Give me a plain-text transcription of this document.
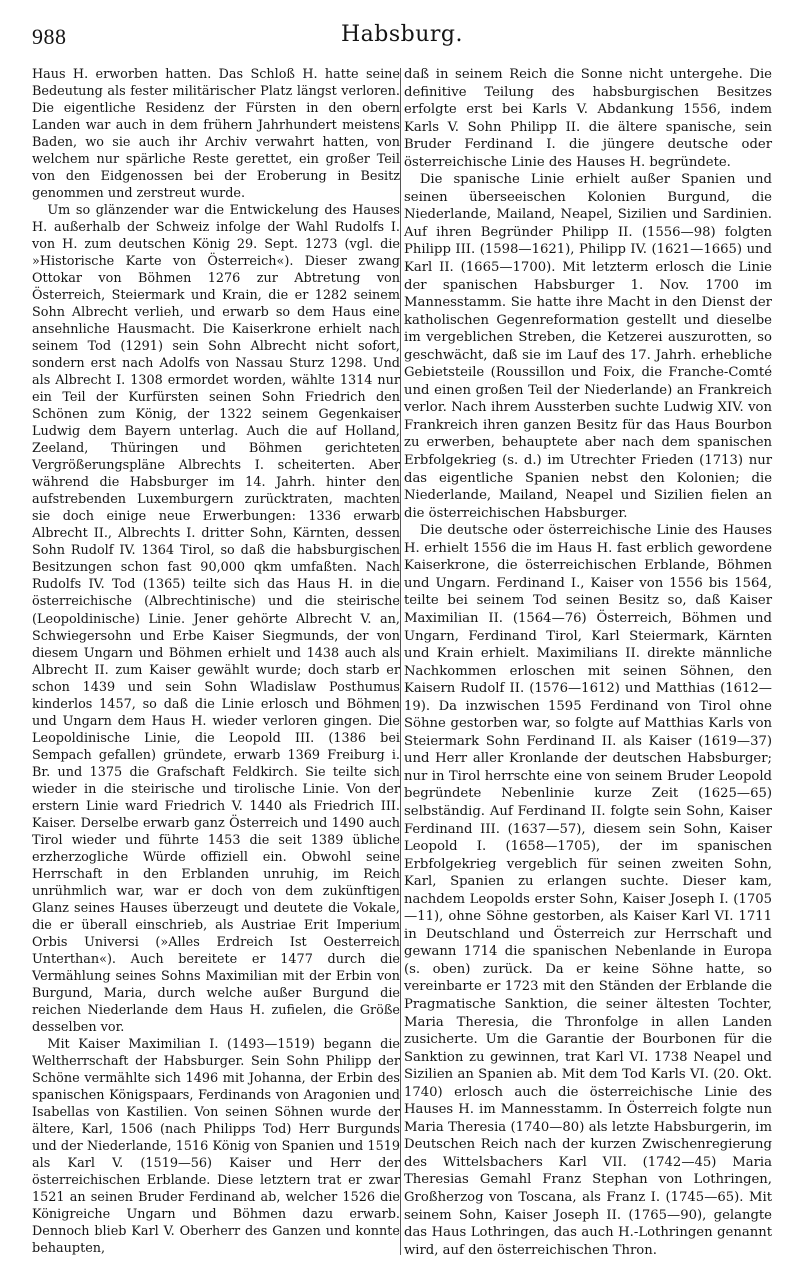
988	Habsburg.

Haus H. erworben hatten. Das Schloß H. hatte seine Bedeutung als fester militärischer Platz längst verloren. Die eigentliche Residenz der Fürsten in den obern Landen war auch in dem frühern Jahrhundert meistens Baden, wo sie auch ihr Archiv verwahrt hatten, von welchem nur spärliche Reste gerettet, ein großer Teil von den Eidgenossen bei der Eroberung in Besitz genommen und zerstreut wurde.

Um so glänzender war die Entwickelung des Hauses H. außerhalb der Schweiz infolge der Wahl Rudolfs I. von H. zum deutschen König 29. Sept. 1273 (vgl. die »Historische Karte von Österreich«). Dieser zwang Ottokar von Böhmen 1276 zur Abtretung von Österreich, Steiermark und Krain, die er 1282 seinem Sohn Albrecht verlieh, und erwarb so dem Haus eine ansehnliche Hausmacht. Die Kaiserkrone erhielt nach seinem Tod (1291) sein Sohn Albrecht nicht sofort, sondern erst nach Adolfs von Nassau Sturz 1298. Und als Albrecht I. 1308 ermordet worden, wählte 1314 nur ein Teil der Kurfürsten seinen Sohn Friedrich den Schönen zum König, der 1322 seinem Gegenkaiser Ludwig dem Bayern unterlag. Auch die auf Holland, Zeeland, Thüringen und Böhmen gerichteten Vergrößerungspläne Albrechts I. scheiterten. Aber während die Habsburger im 14. Jahrh. hinter den aufstrebenden Luxemburgern zurücktraten, machten sie doch einige neue Erwerbungen: 1336 erwarb Albrecht II., Albrechts I. dritter Sohn, Kärnten, dessen Sohn Rudolf IV. 1364 Tirol, so daß die habsburgischen Besitzungen schon fast 90,000 qkm umfaßten. Nach Rudolfs IV. Tod (1365) teilte sich das Haus H. in die österreichische (Albrechtinische) und die steirische (Leopoldinische) Linie. Jener gehörte Albrecht V. an, Schwiegersohn und Erbe Kaiser Siegmunds, der von diesem Ungarn und Böhmen erhielt und 1438 auch als Albrecht II. zum Kaiser gewählt wurde; doch starb er schon 1439 und sein Sohn Wladislaw Posthumus kinderlos 1457, so daß die Linie erlosch und Böhmen und Ungarn dem Haus H. wieder verloren gingen. Die Leopoldinische Linie, die Leopold III. (1386 bei Sempach gefallen) gründete, erwarb 1369 Freiburg i. Br. und 1375 die Grafschaft Feldkirch. Sie teilte sich wieder in die steirische und tirolische Linie. Von der erstern Linie ward Friedrich V. 1440 als Friedrich III. Kaiser. Derselbe erwarb ganz Österreich und 1490 auch Tirol wieder und führte 1453 die seit 1389 übliche erzherzogliche Würde offiziell ein. Obwohl seine Herrschaft in den Erblanden unruhig, im Reich unrühmlich war, war er doch von dem zukünftigen Glanz seines Hauses überzeugt und deutete die Vokale, die er überall einschrieb, als Austriae Erit Imperium Orbis Universi (»Alles Erdreich Ist Oesterreich Unterthan«). Auch bereitete er 1477 durch die Vermählung seines Sohns Maximilian mit der Erbin von Burgund, Maria, durch welche außer Burgund die reichen Niederlande dem Haus H. zufielen, die Größe desselben vor.

Mit Kaiser Maximilian I. (1493—1519) begann die Weltherrschaft der Habsburger. Sein Sohn Philipp der Schöne vermählte sich 1496 mit Johanna, der Erbin des spanischen Königspaars, Ferdinands von Aragonien und Isabellas von Kastilien. Von seinen Söhnen wurde der ältere, Karl, 1506 (nach Philipps Tod) Herr Burgunds und der Niederlande, 1516 König von Spanien und 1519 als Karl V. (1519—56) Kaiser und Herr der österreichischen Erblande. Diese letztern trat er zwar 1521 an seinen Bruder Ferdinand ab, welcher 1526 die Königreiche Ungarn und Böhmen dazu erwarb. Dennoch blieb Karl V. Oberherr des Ganzen und konnte behaupten,

daß in seinem Reich die Sonne nicht untergehe. Die definitive Teilung des habsburgischen Besitzes erfolgte erst bei Karls V. Abdankung 1556, indem Karls V. Sohn Philipp II. die ältere spanische, sein Bruder Ferdinand I. die jüngere deutsche oder österreichische Linie des Hauses H. begründete.

Die spanische Linie erhielt außer Spanien und seinen überseeischen Kolonien Burgund, die Niederlande, Mailand, Neapel, Sizilien und Sardinien. Auf ihren Begründer Philipp II. (1556—98) folgten Philipp III. (1598—1621), Philipp IV. (1621—1665) und Karl II. (1665—1700). Mit letzterm erlosch die Linie der spanischen Habsburger 1. Nov. 1700 im Mannesstamm. Sie hatte ihre Macht in den Dienst der katholischen Gegenreformation gestellt und dieselbe im vergeblichen Streben, die Ketzerei auszurotten, so geschwächt, daß sie im Lauf des 17. Jahrh. erhebliche Gebietsteile (Roussillon und Foix, die Franche-Comté und einen großen Teil der Niederlande) an Frankreich verlor. Nach ihrem Aussterben suchte Ludwig XIV. von Frankreich ihren ganzen Besitz für das Haus Bourbon zu erwerben, behauptete aber nach dem spanischen Erbfolgekrieg (s. d.) im Utrechter Frieden (1713) nur das eigentliche Spanien nebst den Kolonien; die Niederlande, Mailand, Neapel und Sizilien fielen an die österreichischen Habsburger.

Die deutsche oder österreichische Linie des Hauses H. erhielt 1556 die im Haus H. fast erblich gewordene Kaiserkrone, die österreichischen Erblande, Böhmen und Ungarn. Ferdinand I., Kaiser von 1556 bis 1564, teilte bei seinem Tod seinen Besitz so, daß Kaiser Maximilian II. (1564—76) Österreich, Böhmen und Ungarn, Ferdinand Tirol, Karl Steiermark, Kärnten und Krain erhielt. Maximilians II. direkte männliche Nachkommen erloschen mit seinen Söhnen, den Kaisern Rudolf II. (1576—1612) und Matthias (1612—19). Da inzwischen 1595 Ferdinand von Tirol ohne Söhne gestorben war, so folgte auf Matthias Karls von Steiermark Sohn Ferdinand II. als Kaiser (1619—37) und Herr aller Kronlande der deutschen Habsburger; nur in Tirol herrschte eine von seinem Bruder Leopold begründete Nebenlinie kurze Zeit (1625—65) selbständig. Auf Ferdinand II. folgte sein Sohn, Kaiser Ferdinand III. (1637—57), diesem sein Sohn, Kaiser Leopold I. (1658—1705), der im spanischen Erbfolgekrieg vergeblich für seinen zweiten Sohn, Karl, Spanien zu erlangen suchte. Dieser kam, nachdem Leopolds erster Sohn, Kaiser Joseph I. (1705—11), ohne Söhne gestorben, als Kaiser Karl VI. 1711 in Deutschland und Österreich zur Herrschaft und gewann 1714 die spanischen Nebenlande in Europa (s. oben) zurück. Da er keine Söhne hatte, so vereinbarte er 1723 mit den Ständen der Erblande die Pragmatische Sanktion, die seiner ältesten Tochter, Maria Theresia, die Thronfolge in allen Landen zusicherte. Um die Garantie der Bourbonen für die Sanktion zu gewinnen, trat Karl VI. 1738 Neapel und Sizilien an Spanien ab. Mit dem Tod Karls VI. (20. Okt. 1740) erlosch auch die österreichische Linie des Hauses H. im Mannesstamm. In Österreich folgte nun Maria Theresia (1740—80) als letzte Habsburgerin, im Deutschen Reich nach der kurzen Zwischenregierung des Wittelsbachers Karl VII. (1742—45) Maria Theresias Gemahl Franz Stephan von Lothringen, Großherzog von Toscana, als Franz I. (1745—65). Mit seinem Sohn, Kaiser Joseph II. (1765—90), gelangte das Haus Lothringen, das auch H.-Lothringen genannt wird, auf den österreichischen Thron.
